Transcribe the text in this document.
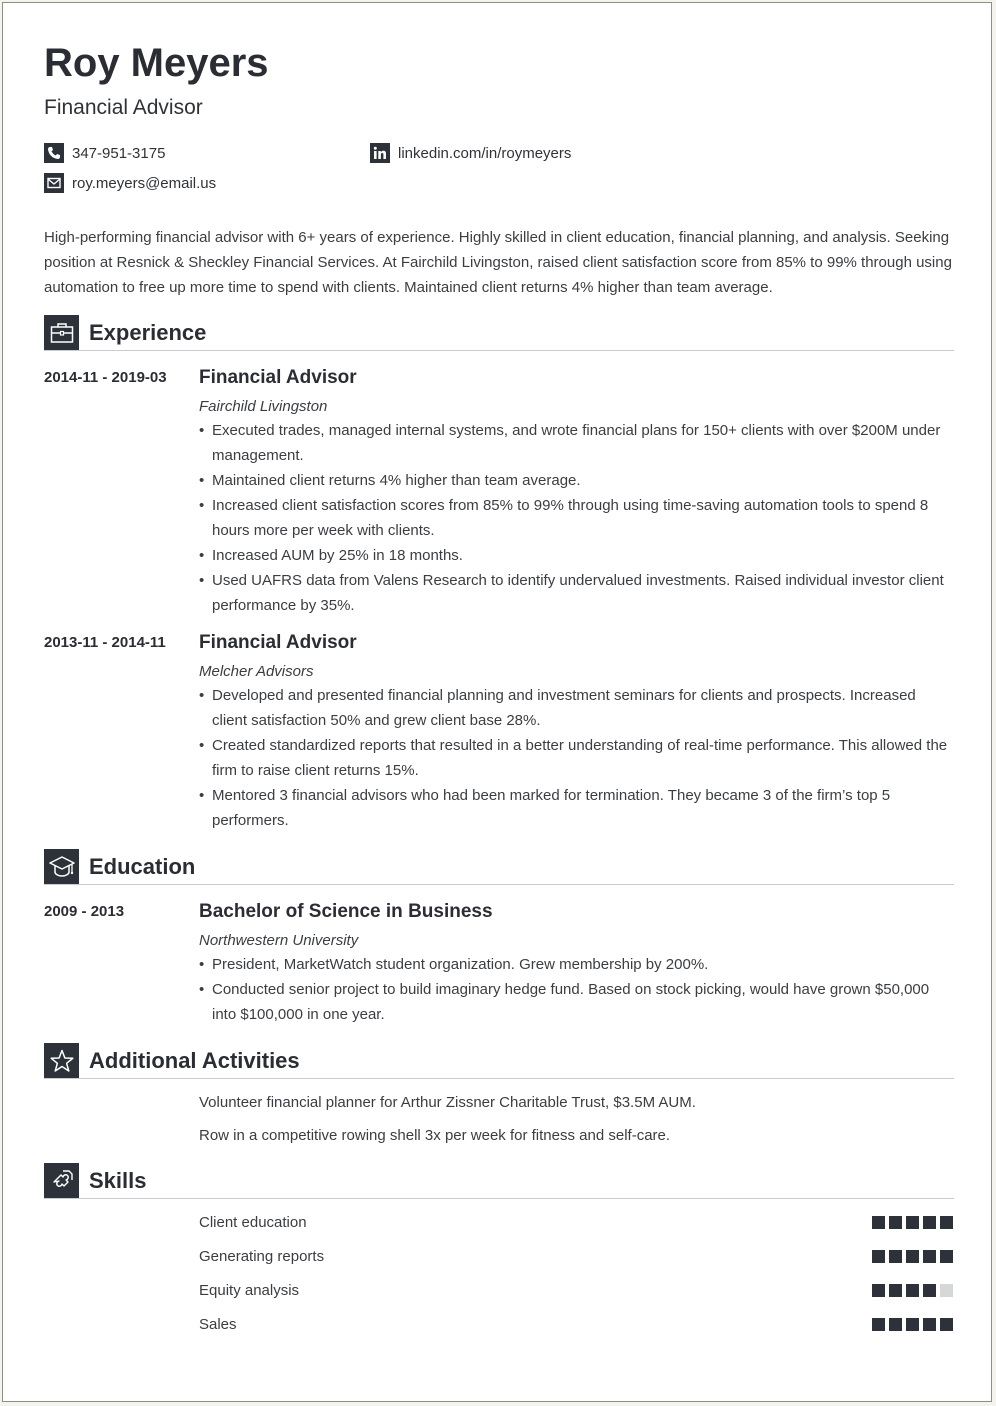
Roy Meyers
Financial Advisor
347-951-3175
roy.meyers@email.us
linkedin.com/in/roymeyers
High-performing financial advisor with 6+ years of experience. Highly skilled in client education, financial planning, and analysis. Seeking position at Resnick & Sheckley Financial Services. At Fairchild Livingston, raised client satisfaction score from 85% to 99% through using automation to free up more time to spend with clients. Maintained client returns 4% higher than team average.
Experience
2014-11 - 2019-03 Financial Advisor
Fairchild Livingston
• Executed trades, managed internal systems, and wrote financial plans for 150+ clients with over $200M under management.
• Maintained client returns 4% higher than team average.
• Increased client satisfaction scores from 85% to 99% through using time-saving automation tools to spend 8 hours more per week with clients.
• Increased AUM by 25% in 18 months.
• Used UAFRS data from Valens Research to identify undervalued investments. Raised individual investor client performance by 35%.
2013-11 - 2014-11 Financial Advisor
Melcher Advisors
• Developed and presented financial planning and investment seminars for clients and prospects. Increased client satisfaction 50% and grew client base 28%.
• Created standardized reports that resulted in a better understanding of real-time performance. This allowed the firm to raise client returns 15%.
• Mentored 3 financial advisors who had been marked for termination. They became 3 of the firm’s top 5 performers.
Education
2009 - 2013	Bachelor of Science in Business
Northwestern University
• President, MarketWatch student organization. Grew membership by 200%.
• Conducted senior project to build imaginary hedge fund. Based on stock picking, would have grown $50,000 into $100,000 in one year.
Additional Activities
Volunteer financial planner for Arthur Zissner Charitable Trust, $3.5M AUM.
Row in a competitive rowing shell 3x per week for fitness and self-care.
Skills
Client education
Generating reports
Equity analysis
Sales
